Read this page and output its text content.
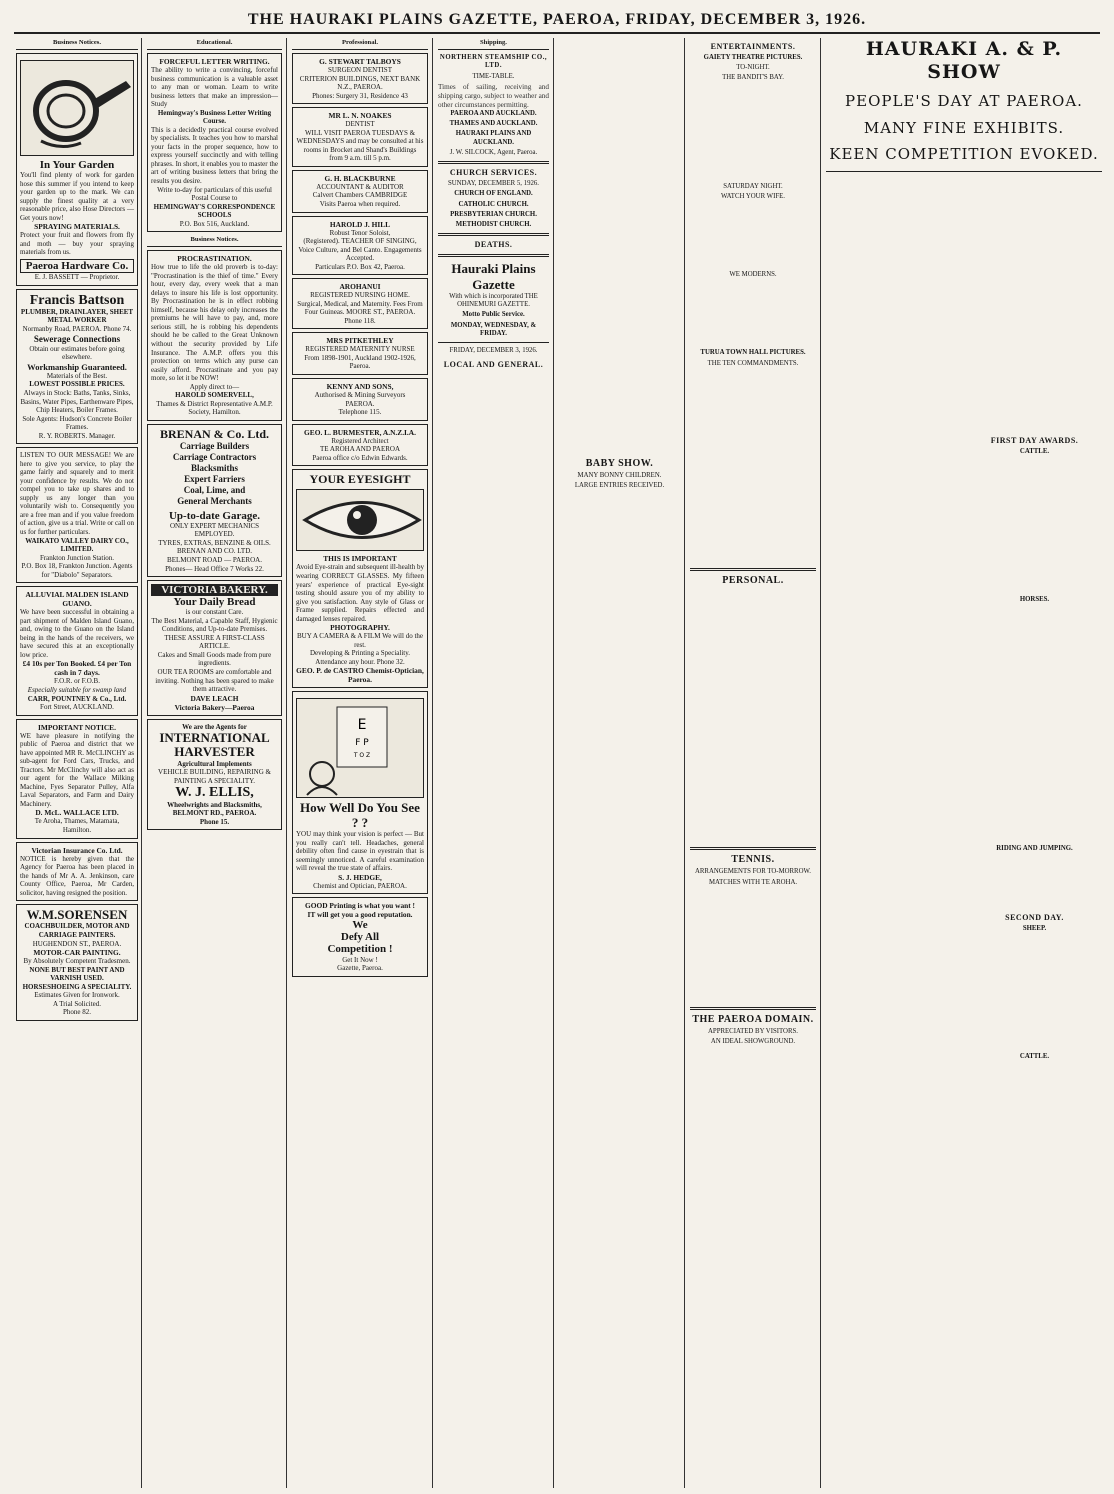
THE HAURAKI PLAINS GAZETTE, PAEROA, FRIDAY, DECEMBER 3, 1926.
Business Notices.
In Your Garden
You'll find plenty of work for garden hose this summer if you intend to keep your garden up to the mark. We can supply the finest quality at a very reasonable price, also Hose Directors — Get yours now!
SPRAYING MATERIALS.
Protect your fruit and flowers from fly and moth — buy your spraying materials from us.
Paeroa Hardware Co.
E. J. BASSETT — Proprietor.
Francis Battson
PLUMBER, DRAINLAYER, SHEET METAL WORKER
Normanby Road, PAEROA. Phone 74.
Sewerage Connections
Obtain our estimates before going elsewhere.
Workmanship Guaranteed.
Materials of the Best.
LOWEST POSSIBLE PRICES.
Always in Stock: Baths, Tanks, Sinks, Basins, Water Pipes, Earthenware Pipes, Chip Heaters, Boiler Frames.
Sole Agents: Hudson's Concrete Boiler Frames.
R. Y. ROBERTS. Manager.
LISTEN TO OUR MESSAGE! We are here to give you service, to play the game fairly and squarely and to merit your confidence by results. We do not compel you to take up shares and to supply us any longer than you voluntarily wish to. Consequently you are a free man and if you value freedom of action, give us a trial. Write or call on us for further particulars.
WAIKATO VALLEY DAIRY CO., LIMITED.
Frankton Junction Station.
P.O. Box 18, Frankton Junction. Agents for "Diabolo" Separators.
ALLUVIAL MALDEN ISLAND GUANO.
We have been successful in obtaining a part shipment of Malden Island Guano, and, owing to the Guano on the Island being in the hands of the receivers, we have secured this at an exceptionally low price.
£4 10s per Ton Booked. £4 per Ton cash in 7 days.
F.O.R. or F.O.B.
Especially suitable for swamp land
CARR, POUNTNEY & Co., Ltd.
Fort Street, AUCKLAND.
IMPORTANT NOTICE.
WE have pleasure in notifying the public of Paeroa and district that we have appointed MR R. McCLINCHY as sub-agent for Ford Cars, Trucks, and Tractors. Mr McClinchy will also act as our agent for the Wallace Milking Machine, Fyes Separator Pulley, Alfa Laval Separators, and Farm and Dairy Machinery.
D. McL. WALLACE LTD.
Te Aroha, Thames, Matamata, Hamilton.
Victorian Insurance Co. Ltd.
NOTICE is hereby given that the Agency for Paeroa has been placed in the hands of Mr A. A. Jenkinson, care County Office, Paeroa, Mr Carden, solicitor, having resigned the position.
W.M.SORENSEN
COACHBUILDER, MOTOR AND CARRIAGE PAINTERS.
HUGHENDON ST., PAEROA.
MOTOR-CAR PAINTING.
By Absolutely Competent Tradesmen.
NONE BUT BEST PAINT AND VARNISH USED.
HORSESHOEING A SPECIALITY.
Estimates Given for Ironwork.
A Trial Solicited.
Phone 82.
Educational.
FORCEFUL LETTER WRITING.
The ability to write a convincing, forceful business communication is a valuable asset to any man or woman. Learn to write business letters that make an impression—Study
Hemingway's Business Letter Writing Course.
This is a decidedly practical course evolved by specialists. It teaches you how to marshal your facts in the proper sequence, how to express yourself succinctly and with telling phrases. In short, it enables you to master the art of writing business letters that bring the results you desire.
Write to-day for particulars of this useful Postal Course to
HEMINGWAY'S CORRESPONDENCE SCHOOLS
P.O. Box 516, Auckland.
Business Notices.
PROCRASTINATION.
How true to life the old proverb is to-day: "Procrastination is the thief of time." Every hour, every day, every week that a man delays to insure his life is lost opportunity. By Procrastination he is in effect robbing himself, because his delay only increases the premiums he will have to pay, and, more serious still, he is robbing his dependents should he be called to the Great Unknown without the security provided by Life Insurance. The A.M.P. offers you this protection on terms which any purse can easily afford. Procrastinate and you pay more, so let it be NOW!
Apply direct to—
HAROLD SOMERVELL,
Thames & District Representative A.M.P. Society, Hamilton.
BRENAN & Co. Ltd.
Carriage Builders
Carriage Contractors
Blacksmiths
Expert Farriers
Coal, Lime, and
General Merchants
Up-to-date Garage.
ONLY EXPERT MECHANICS EMPLOYED.
TYRES, EXTRAS, BENZINE & OILS.
BRENAN AND CO. LTD.
BELMONT ROAD — PAEROA.
Phones— Head Office 7 Works 22.
VICTORIA BAKERY.
Your Daily Bread
is our constant Care.
The Best Material, a Capable Staff, Hygienic Conditions, and Up-to-date Premises.
THESE ASSURE A FIRST-CLASS ARTICLE.
Cakes and Small Goods made from pure ingredients.
OUR TEA ROOMS are comfortable and inviting. Nothing has been spared to make them attractive.
DAVE LEACH
Victoria Bakery—Paeroa
We are the Agents for
INTERNATIONAL HARVESTER
Agricultural Implements
VEHICLE BUILDING, REPAIRING & PAINTING A SPECIALITY.
W. J. ELLIS,
Wheelwrights and Blacksmiths,
BELMONT RD., PAEROA.
Phone 15.
Professional.
G. STEWART TALBOYS
SURGEON DENTIST
CRITERION BUILDINGS, NEXT BANK N.Z., PAEROA.
Phones: Surgery 31, Residence 43
MR L. N. NOAKES
DENTIST
WILL VISIT PAEROA TUESDAYS & WEDNESDAYS and may be consulted at his rooms in Brocket and Shand's Buildings from 9 a.m. till 5 p.m.
G. H. BLACKBURNE
ACCOUNTANT & AUDITOR
Calvert Chambers CAMBRIDGE
Visits Paeroa when required.
HAROLD J. HILL
Robust Tenor Soloist,
(Registered). TEACHER OF SINGING, Voice Culture, and Bel Canto. Engagements Accepted.
Particulars P.O. Box 42, Paeroa.
AROHANUI
REGISTERED NURSING HOME.
Surgical, Medical, and Maternity. Fees From Four Guineas. MOORE ST., PAEROA.
Phone 118.
MRS PITKETHLEY
REGISTERED MATERNITY NURSE
From 1898-1901, Auckland 1902-1926, Paeroa.
KENNY AND SONS,
Authorised & Mining Surveyors
PAEROA.
Telephone 115.
GEO. L. BURMESTER, A.N.Z.I.A.
Registered Architect
TE AROHA AND PAEROA
Paeroa office c/o Edwin Edwards.
YOUR EYESIGHT
THIS IS IMPORTANT
Avoid Eye-strain and subsequent ill-health by wearing CORRECT GLASSES. My fifteen years' experience of practical Eye-sight testing should assure you of my ability to give you satisfaction. Any style of Glass or Frame supplied. Repairs effected and damaged lenses repaired.
PHOTOGRAPHY.
BUY A CAMERA & A FILM We will do the rest.
Developing & Printing a Speciality.
Attendance any hour. Phone 32.
GEO. P. de CASTRO Chemist-Optician, Paeroa.
E
F P
T O Z
How Well Do You See ? ?
YOU may think your vision is perfect — But you really can't tell. Headaches, general debility often find cause in eyestrain that is seemingly unnoticed. A careful examination will reveal the true state of affairs.
S. J. HEDGE,
Chemist and Optician, PAEROA.
GOOD Printing is what you want !
IT will get you a good reputation.
We
Defy All
Competition !
Get It Now !
Gazette, Paeroa.
Shipping.
NORTHERN STEAMSHIP CO., LTD.
TIME-TABLE.
Times of sailing, receiving and shipping cargo, subject to weather and other circumstances permitting.
PAEROA AND AUCKLAND.
THAMES AND AUCKLAND.
HAURAKI PLAINS AND AUCKLAND.
J. W. SILCOCK, Agent, Paeroa.
CHURCH SERVICES.
SUNDAY, DECEMBER 5, 1926.
CHURCH OF ENGLAND.
CATHOLIC CHURCH.
PRESBYTERIAN CHURCH.
METHODIST CHURCH.
DEATHS.
Hauraki Plains Gazette
With which is incorporated THE OHINEMURI GAZETTE.
Motto Public Service.
MONDAY, WEDNESDAY, & FRIDAY.
FRIDAY, DECEMBER 3, 1926.
LOCAL AND GENERAL.
BABY SHOW.
MANY BONNY CHILDREN.
LARGE ENTRIES RECEIVED.
ENTERTAINMENTS.
GAIETY THEATRE PICTURES.
TO-NIGHT.
THE BANDIT'S BAY.
SATURDAY NIGHT.
WATCH YOUR WIFE.
WE MODERNS.
TURUA TOWN HALL PICTURES.
THE TEN COMMANDMENTS.
PERSONAL.
TENNIS.
ARRANGEMENTS FOR TO-MORROW.
MATCHES WITH TE AROHA.
THE PAEROA DOMAIN.
APPRECIATED BY VISITORS.
AN IDEAL SHOWGROUND.
HAURAKI A. & P. SHOW
PEOPLE'S DAY AT PAEROA.
MANY FINE EXHIBITS.
KEEN COMPETITION EVOKED.
FIRST DAY AWARDS.
CATTLE.
HORSES.
RIDING AND JUMPING.
SECOND DAY.
SHEEP.
CATTLE.
